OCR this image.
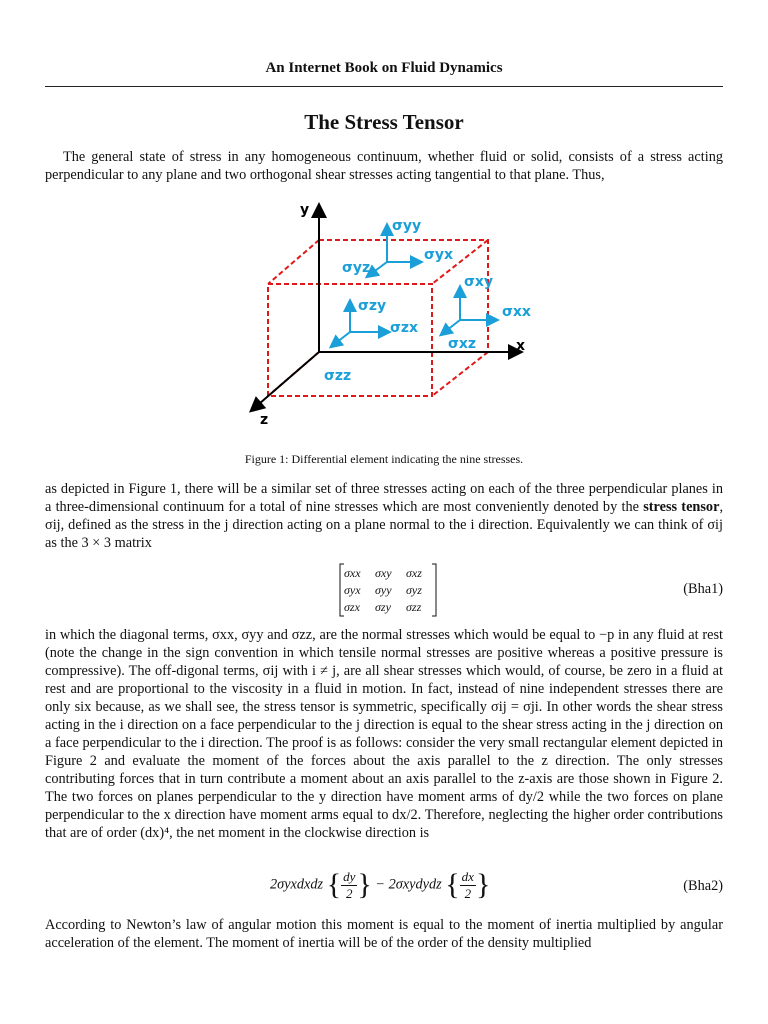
An Internet Book on Fluid Dynamics
The Stress Tensor

The general state of stress in any homogeneous continuum, whether fluid or solid, consists of a stress acting perpendicular to any plane and two orthogonal shear stresses acting tangential to that plane. Thus,

y
x
z
σyy
σyx
σyz
σxy
σxx
σxz
σzy
σzx
σzz
Figure 1: Differential element indicating the nine stresses.

as depicted in Figure 1, there will be a similar set of three stresses acting on each of the three perpendicular planes in a three-dimensional continuum for a total of nine stresses which are most conveniently denoted by the stress tensor, σij, defined as the stress in the j direction acting on a plane normal to the i direction. Equivalently we can think of σij as the 3 × 3 matrix

σxx σxy σxz
σyx σyy σyz
σzx σzy σzz
(Bha1)

in which the diagonal terms, σxx, σyy and σzz, are the normal stresses which would be equal to −p in any fluid at rest (note the change in the sign convention in which tensile normal stresses are positive whereas a positive pressure is compressive). The off-digonal terms, σij with i ≠ j, are all shear stresses which would, of course, be zero in a fluid at rest and are proportional to the viscosity in a fluid in motion. In fact, instead of nine independent stresses there are only six because, as we shall see, the stress tensor is symmetric, specifically σij = σji. In other words the shear stress acting in the i direction on a face perpendicular to the j direction is equal to the shear stress acting in the j direction on a face perpendicular to the i direction. The proof is as follows: consider the very small rectangular element depicted in Figure 2 and evaluate the moment of the forces about the axis parallel to the z direction. The only stresses contributing forces that in turn contribute a moment about an axis parallel to the z-axis are those shown in Figure 2. The two forces on planes perpendicular to the y direction have moment arms of dy/2 while the two forces on plane perpendicular to the x direction have moment arms equal to dx/2. Therefore, neglecting the higher order contributions that are of order (dx)⁴, the net moment in the clockwise direction is

2σyxdxdz { $\frac{dy}{2}$ } − 2σxydydz { $\frac{dx}{2}$ }	(Bha2)

According to Newton’s law of angular motion this moment is equal to the moment of inertia multiplied by angular acceleration of the element. The moment of inertia will be of the order of the density multiplied
